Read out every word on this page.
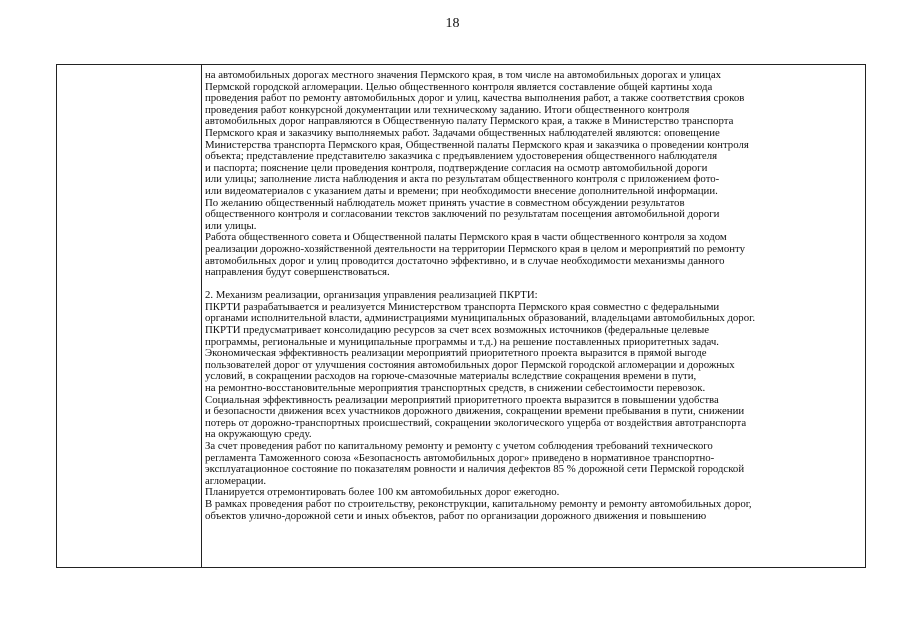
18
на автомобильных дорогах местного значения Пермского края, в том числе на автомобильных дорогах и улицах
Пермской городской агломерации. Целью общественного контроля является составление общей картины хода
проведения работ по ремонту автомобильных дорог и улиц, качества выполнения работ, а также соответствия сроков
проведения работ конкурсной документации или техническому заданию. Итоги общественного контроля
автомобильных дорог направляются в Общественную палату Пермского края, а также в Министерство транспорта
Пермского края и заказчику выполняемых работ. Задачами общественных наблюдателей являются: оповещение
Министерства транспорта Пермского края, Общественной палаты Пермского края и заказчика о проведении контроля
объекта; представление представителю заказчика с предъявлением удостоверения общественного наблюдателя
и паспорта; пояснение цели проведения контроля, подтверждение согласия на осмотр автомобильной дороги
или улицы; заполнение листа наблюдения и акта по результатам общественного контроля с приложением фото-
или видеоматериалов с указанием даты и времени; при необходимости внесение дополнительной информации.
По желанию общественный наблюдатель может принять участие в совместном обсуждении результатов
общественного контроля и согласовании текстов заключений по результатам посещения автомобильной дороги
или улицы.
Работа общественного совета и Общественной палаты Пермского края в части общественного контроля за ходом
реализации дорожно-хозяйственной деятельности на территории Пермского края в целом и мероприятий по ремонту
автомобильных дорог и улиц проводится достаточно эффективно, и в случае необходимости механизмы данного
направления будут совершенствоваться.
2. Механизм реализации, организация управления реализацией ПКРТИ:
ПКРТИ разрабатывается и реализуется Министерством транспорта Пермского края совместно с федеральными
органами исполнительной власти, администрациями муниципальных образований, владельцами автомобильных дорог.
ПКРТИ предусматривает консолидацию ресурсов за счет всех возможных источников (федеральные целевые
программы, региональные и муниципальные программы и т.д.) на решение поставленных приоритетных задач.
Экономическая эффективность реализации мероприятий приоритетного проекта выразится в прямой выгоде
пользователей дорог от улучшения состояния автомобильных дорог Пермской городской агломерации и дорожных
условий, в сокращении расходов на горюче-смазочные материалы вследствие сокращения времени в пути,
на ремонтно-восстановительные мероприятия транспортных средств, в снижении себестоимости перевозок.
Социальная эффективность реализации мероприятий приоритетного проекта выразится в повышении удобства
и безопасности движения всех участников дорожного движения, сокращении времени пребывания в пути, снижении
потерь от дорожно-транспортных происшествий, сокращении экологического ущерба от воздействия автотранспорта
на окружающую среду.
За счет проведения работ по капитальному ремонту и ремонту с учетом соблюдения требований технического
регламента Таможенного союза «Безопасность автомобильных дорог» приведено в нормативное транспортно-
эксплуатационное состояние по показателям ровности и наличия дефектов 85 % дорожной сети Пермской городской
агломерации.
Планируется отремонтировать более 100 км автомобильных дорог ежегодно.
В рамках проведения работ по строительству, реконструкции, капитальному ремонту и ремонту автомобильных дорог,
объектов улично-дорожной сети и иных объектов, работ по организации дорожного движения и повышению
